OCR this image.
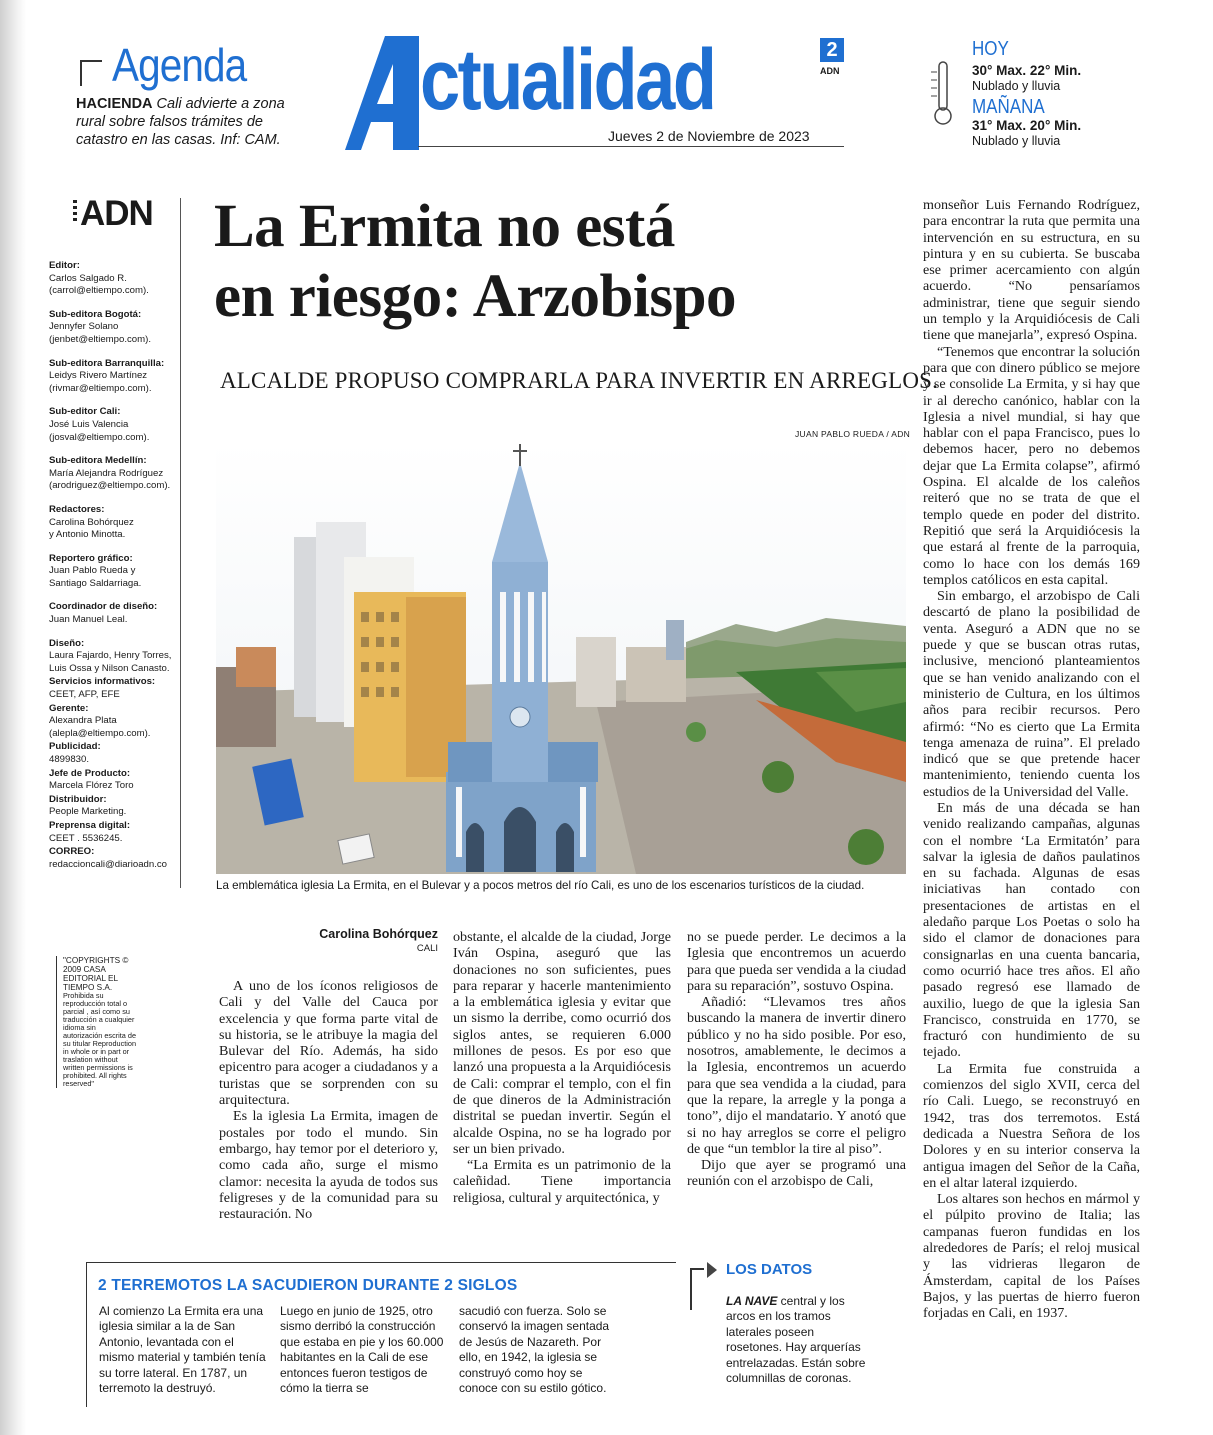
Agenda
HACIENDA Cali advierte a zona rural sobre falsos trámites de catastro en las casas. Inf: CAM.
ctualidad	2
ADN
Jueves 2 de Noviembre de 2023
HOY
30° Max. 22° Min.
Nublado y lluvia
MAÑANA
31° Max. 20° Min.
Nublado y lluvia
ADN
Editor:
Carlos Salgado R.
(carrol@eltiempo.com).
Sub-editora Bogotá:
Jennyfer Solano
(jenbet@eltiempo.com).
Sub-editora Barranquilla:
Leidys Rivero Martínez
(rivmar@eltiempo.com).
Sub-editor Cali:
José Luis Valencia
(josval@eltiempo.com).
Sub-editora Medellín:
María Alejandra Rodríguez
(arodriguez@eltiempo.com).
Redactores:
Carolina Bohórquez
y Antonio Minotta.
Reportero gráfico:
Juan Pablo Rueda y
Santiago Saldarriaga.
Coordinador de diseño:
Juan Manuel Leal.
Diseño:
Laura Fajardo, Henry Torres,
Luis Ossa y Nilson Canasto.
Servicios informativos:
CEET, AFP, EFE
Gerente:
Alexandra Plata
(alepla@eltiempo.com).
Publicidad:
4899830.
Jefe de Producto:
Marcela Flórez Toro
Distribuidor:
People Marketing.
Preprensa digital:
CEET . 5536245.
CORREO:
redaccioncali@diarioadn.co
"COPYRIGHTS © 2009 CASA EDITORIAL EL TIEMPO S.A.
Prohibida su reproducción total o parcial , así como su traducción a cualquier idioma sin autorización escrita de su titular Reproduction in whole or in part or traslation without written permissions is prohibited. All rights reserved"
La Ermita no está
en riesgo: Arzobispo
ALCALDE PROPUSO COMPRARLA PARA INVERTIR EN ARREGLOS.
JUAN PABLO RUEDA / ADN
La emblemática iglesia La Ermita, en el Bulevar y a pocos metros del río Cali, es uno de los escenarios turísticos de la ciudad.
Carolina Bohórquez
CALI

A uno de los íconos religiosos de Cali y del Valle del Cauca por excelencia y que forma parte vital de su historia, se le atribuye la magia del Bulevar del Río. Además, ha sido epicentro para acoger a ciudadanos y a turistas que se sorprenden con su arquitectura.

Es la iglesia La Ermita, imagen de postales por todo el mundo. Sin embargo, hay temor por el deterioro y, como cada año, surge el mismo clamor: necesita la ayuda de todos sus feligreses y de la comunidad para su restauración. No

obstante, el alcalde de la ciudad, Jorge Iván Ospina, aseguró que las donaciones no son suficientes, pues para reparar y hacerle mantenimiento a la emblemática iglesia y evitar que un sismo la derribe, como ocurrió dos siglos antes, se requieren 6.000 millones de pesos. Es por eso que lanzó una propuesta a la Arquidiócesis de Cali: comprar el templo, con el fin de que dineros de la Administración distrital se puedan invertir. Según el alcalde Ospina, no se ha logrado por ser un bien privado.

“La Ermita es un patrimonio de la caleñidad. Tiene importancia religiosa, cultural y arquitectónica, y

no se puede perder. Le decimos a la Iglesia que encontremos un acuerdo para que pueda ser vendida a la ciudad para su reparación”, sostuvo Ospina.

Añadió: “Llevamos tres años buscando la manera de invertir dinero público y no ha sido posible. Por eso, nosotros, amablemente, le decimos a la Iglesia, encontremos un acuerdo para que sea vendida a la ciudad, para que la repare, la arregle y la ponga a tono”, dijo el mandatario. Y anotó que si no hay arreglos se corre el peligro de que “un temblor la tire al piso”.

Dijo que ayer se programó una reunión con el arzobispo de Cali,

monseñor Luis Fernando Rodríguez, para encontrar la ruta que permita una intervención en su estructura, en su pintura y en su cubierta. Se buscaba ese primer acercamiento con algún acuerdo. “No pensaríamos administrar, tiene que seguir siendo un templo y la Arquidiócesis de Cali tiene que manejarla”, expresó Ospina.

“Tenemos que encontrar la solución para que con dinero público se mejore y se consolide La Ermita, y si hay que ir al derecho canónico, hablar con la Iglesia a nivel mundial, si hay que hablar con el papa Francisco, pues lo debemos hacer, pero no debemos dejar que La Ermita colapse”, afirmó Ospina. El alcalde de los caleños reiteró que no se trata de que el templo quede en poder del distrito. Repitió que será la Arquidiócesis la que estará al frente de la parroquia, como lo hace con los demás 169 templos católicos en esta capital.

Sin embargo, el arzobispo de Cali descartó de plano la posibilidad de venta. Aseguró a ADN que no se puede y que se buscan otras rutas, inclusive, mencionó planteamientos que se han venido analizando con el ministerio de Cultura, en los últimos años para recibir recursos. Pero afirmó: “No es cierto que La Ermita tenga amenaza de ruina”. El prelado indicó que se que pretende hacer mantenimiento, teniendo cuenta los estudios de la Universidad del Valle.

En más de una década se han venido realizando campañas, algunas con el nombre ‘La Ermitatón’ para salvar la iglesia de daños paulatinos en su fachada. Algunas de esas iniciativas han contado con presentaciones de artistas en el aledaño parque Los Poetas o solo ha sido el clamor de donaciones para consignarlas en una cuenta bancaria, como ocurrió hace tres años. El año pasado regresó ese llamado de auxilio, luego de que la iglesia San Francisco, construida en 1770, se fracturó con hundimiento de su tejado.

La Ermita fue construida a comienzos del siglo XVII, cerca del río Cali. Luego, se reconstruyó en 1942, tras dos terremotos. Está dedicada a Nuestra Señora de los Dolores y en su interior conserva la antigua imagen del Señor de la Caña, en el altar lateral izquierdo.

Los altares son hechos en mármol y el púlpito provino de Italia; las campanas fueron fundidas en los alrededores de París; el reloj musical y las vidrieras llegaron de Ámsterdam, capital de los Países Bajos, y las puertas de hierro fueron forjadas en Cali, en 1937.

2 TERREMOTOS LA SACUDIERON DURANTE 2 SIGLOS
Al comienzo La Ermita era una iglesia similar a la de San Antonio, levantada con el mismo material y también tenía su torre lateral. En 1787, un terremoto la destruyó.
Luego en junio de 1925, otro sismo derribó la construcción que estaba en pie y los 60.000 habitantes en la Cali de ese entonces fueron testigos de cómo la tierra se
sacudió con fuerza. Solo se conservó la imagen sentada de Jesús de Nazareth. Por ello, en 1942, la iglesia se construyó como hoy se conoce con su estilo gótico.
LOS DATOS
LA NAVE central y los arcos en los tramos laterales poseen rosetones. Hay arquerías entrelazadas. Están sobre columnillas de coronas.
